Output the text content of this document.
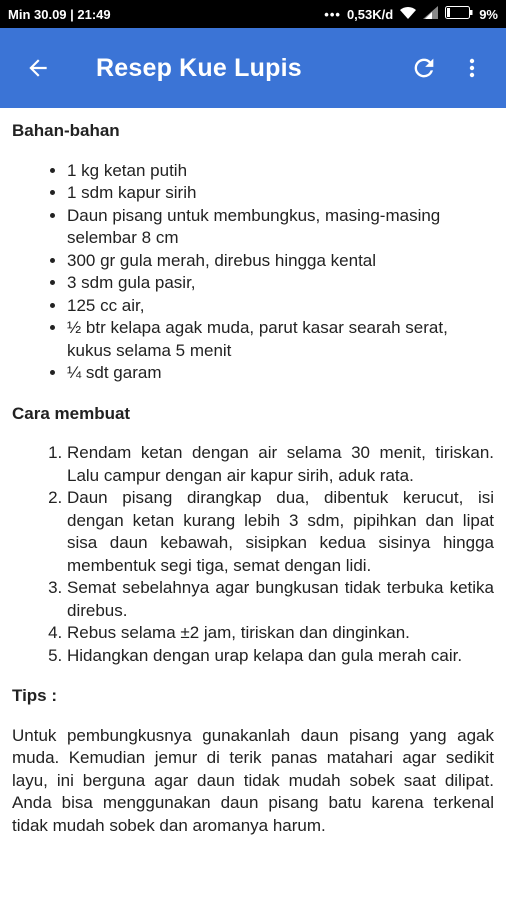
Min 30.09 | 21:49	••• 0,53K/d	9%
Resep Kue Lupis
Bahan-bahan
• 1 kg ketan putih
• 1 sdm kapur sirih
• Daun pisang untuk membungkus, masing-masing selembar 8 cm
• 300 gr gula merah, direbus hingga kental
• 3 sdm gula pasir,
• 125 cc air,
• ½ btr kelapa agak muda, parut kasar searah serat, kukus selama 5 menit
• ¼ sdt garam
Cara membuat
1. Rendam ketan dengan air selama 30 menit, tiriskan. Lalu campur dengan air kapur sirih, aduk rata.
2. Daun pisang dirangkap dua, dibentuk kerucut, isi dengan ketan kurang lebih 3 sdm, pipihkan dan lipat sisa daun kebawah, sisipkan kedua sisinya hingga membentuk segi tiga, semat dengan lidi.
3. Semat sebelahnya agar bungkusan tidak terbuka ketika direbus.
4. Rebus selama ±2 jam, tiriskan dan dinginkan.
5. Hidangkan dengan urap kelapa dan gula merah cair.
Tips :
Untuk pembungkusnya gunakanlah daun pisang yang agak muda. Kemudian jemur di terik panas matahari agar sedikit layu, ini berguna agar daun tidak mudah sobek saat dilipat. Anda bisa menggunakan daun pisang batu karena terkenal tidak mudah sobek dan aromanya harum.
